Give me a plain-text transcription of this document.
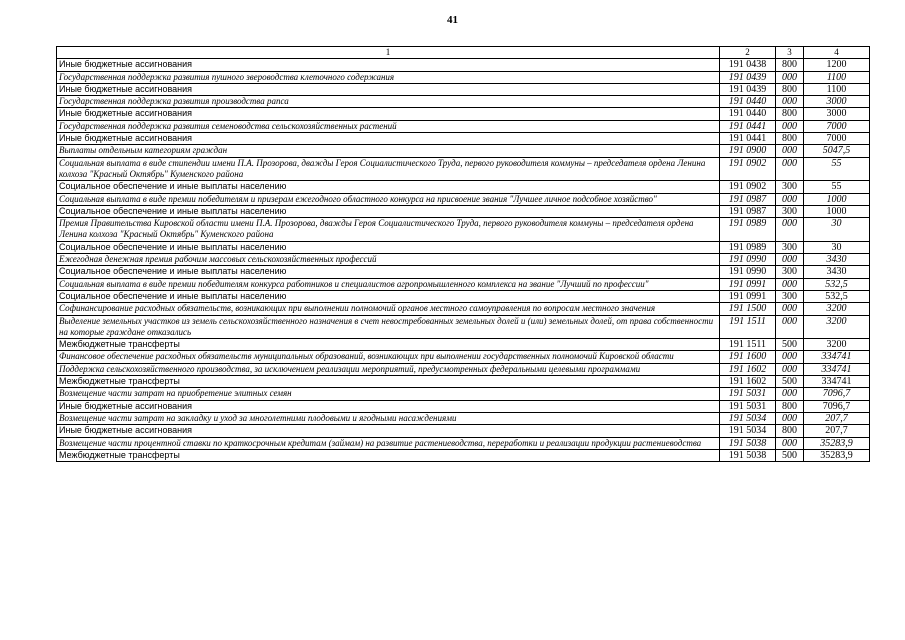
41
1	2	3	4
Иные бюджетные ассигнования	191 0438	800	1200
Государственная поддержка развития пушного звероводства клеточного содержания	191 0439	000	1100
Иные бюджетные ассигнования	191 0439	800	1100
Государственная поддержка развития производства рапса	191 0440	000	3000
Иные бюджетные ассигнования	191 0440	800	3000
Государственная поддержка развития семеноводства сельскохозяйственных растений	191 0441	000	7000
Иные бюджетные ассигнования	191 0441	800	7000
Выплаты отдельным категориям граждан	191 0900	000	5047,5
Социальная выплата в виде стипендии имени П.А. Прозорова, дважды Героя Социалистического Труда, первого руководителя коммуны – председателя ордена Ленина колхоза "Красный Октябрь" Куменского района	191 0902	000	55
Социальное обеспечение и иные выплаты населению	191 0902	300	55
Социальная выплата в виде премии победителям и призерам ежегодного областного конкурса на присвоение звания "Лучшее личное подсобное хозяйство"	191 0987	000	1000
Социальное обеспечение и иные выплаты населению	191 0987	300	1000
Премия Правительства Кировской области имени П.А. Прозорова, дважды Героя Социалистического Труда, первого руководителя коммуны – председателя ордена Ленина колхоза "Красный Октябрь" Куменского района	191 0989	000	30
Социальное обеспечение и иные выплаты населению	191 0989	300	30
Ежегодная денежная премия рабочим массовых сельскохозяйственных профессий	191 0990	000	3430
Социальное обеспечение и иные выплаты населению	191 0990	300	3430
Социальная выплата в виде премии победителям конкурса работников и специалистов агропромышленного комплекса на звание "Лучший по профессии"	191 0991	000	532,5
Социальное обеспечение и иные выплаты населению	191 0991	300	532,5
Софинансирование расходных обязательств, возникающих при выполнении полномочий органов местного самоуправления по вопросам местного значения	191 1500	000	3200
Выделение земельных участков из земель сельскохозяйственного назначения в счет невостребованных земельных долей и (или) земельных долей, от права собственности на которые граждане отказались	191 1511	000	3200
Межбюджетные трансферты	191 1511	500	3200
Финансовое обеспечение расходных обязательств муниципальных образований, возникающих при выполнении государственных полномочий Кировской области	191 1600	000	334741
Поддержка сельскохозяйственного производства, за исключением реализации мероприятий, предусмотренных федеральными целевыми программами	191 1602	000	334741
Межбюджетные трансферты	191 1602	500	334741
Возмещение части затрат на приобретение элитных семян	191 5031	000	7096,7
Иные бюджетные ассигнования	191 5031	800	7096,7
Возмещение части затрат на закладку и уход за многолетними плодовыми и ягодными насаждениями	191 5034	000	207,7
Иные бюджетные ассигнования	191 5034	800	207,7
Возмещение части процентной ставки по краткосрочным кредитам (займам) на развитие растениеводства, переработки и реализации продукции растениеводства	191 5038	000	35283,9
Межбюджетные трансферты	191 5038	500	35283,9
